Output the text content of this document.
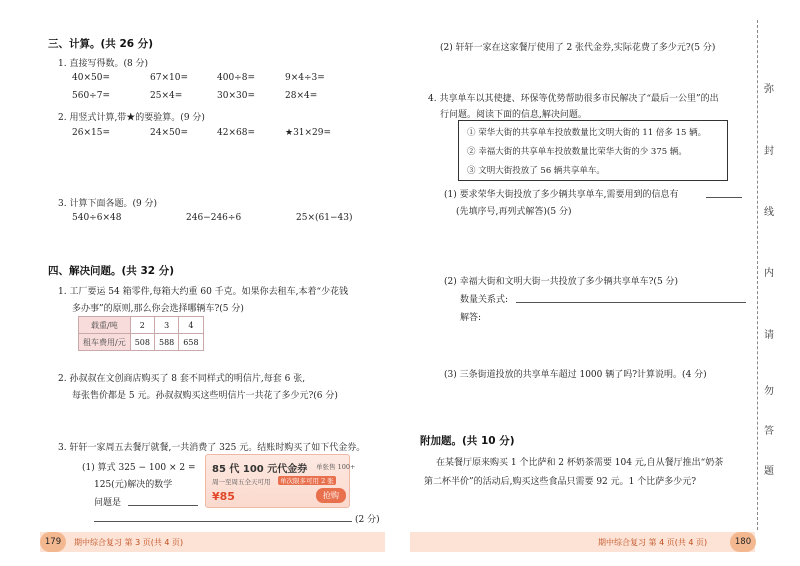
三、计算。(共 26 分)
1. 直接写得数。(8 分)
40×50=	67×10=	400÷8=	9×4÷3=
560÷7=	25×4=	30×30=	28×4=
2. 用竖式计算,带★的要验算。(9 分)
26×15=	24×50=	42×68=	★31×29=
3. 计算下面各题。(9 分)
540÷6×48	246−246÷6	25×(61−43)
四、解决问题。(共 32 分)
1. 工厂要运 54 箱零件,每箱大约重 60 千克。如果你去租车,本着“少花钱
多办事”的原则,那么你会选择哪辆车?(5 分)
载重/吨	2	3	4
租车费用/元	508	588	658
2. 孙叔叔在文创商店购买了 8 套不同样式的明信片,每套 6 张,
每张售价都是 5 元。孙叔叔购买这些明信片一共花了多少元?(6 分)
3. 轩轩一家周五去餐厅就餐,一共消费了 325 元。结账时购买了如下代金券。
(1) 算式 325 − 100 × 2 =
125(元)解决的数学
问题是
(2 分)
85 代 100 元代金券 单张售 100+
周一至周五全天可用	单次限多可用 2 张
¥85	抢购
(2) 轩轩一家在这家餐厅使用了 2 张代金券,实际花费了多少元?(5 分)
4. 共享单车以其使捷、环保等优势帮助很多市民解决了“最后一公里”的出
行问题。阅读下面的信息,解决问题。
① 荣华大街的共享单车投放数量比文明大街的 11 倍多 15 辆。
② 幸福大街的共享单车投放数量比荣华大街的少 375 辆。
③ 文明大街投放了 56 辆共享单车。
(1) 要求荣华大街投放了多少辆共享单车,需要用到的信息有
(先填序号,再列式解答)(5 分)
(2) 幸福大街和文明大街一共投放了多少辆共享单车?(5 分)
数量关系式:
解答:
(3) 三条街道投放的共享单车超过 1000 辆了吗?计算说明。(4 分)
附加题。(共 10 分)
在某餐厅原来购买 1 个比萨和 2 杯奶茶需要 104 元,自从餐厅推出“奶茶
第二杯半价”的活动后,购买这些食品只需要 92 元。1 个比萨多少元?
弥
封
线
内
请
勿
答
题
179	期中综合复习 第 3 页(共 4 页)	期中综合复习 第 4 页(共 4 页)	180
